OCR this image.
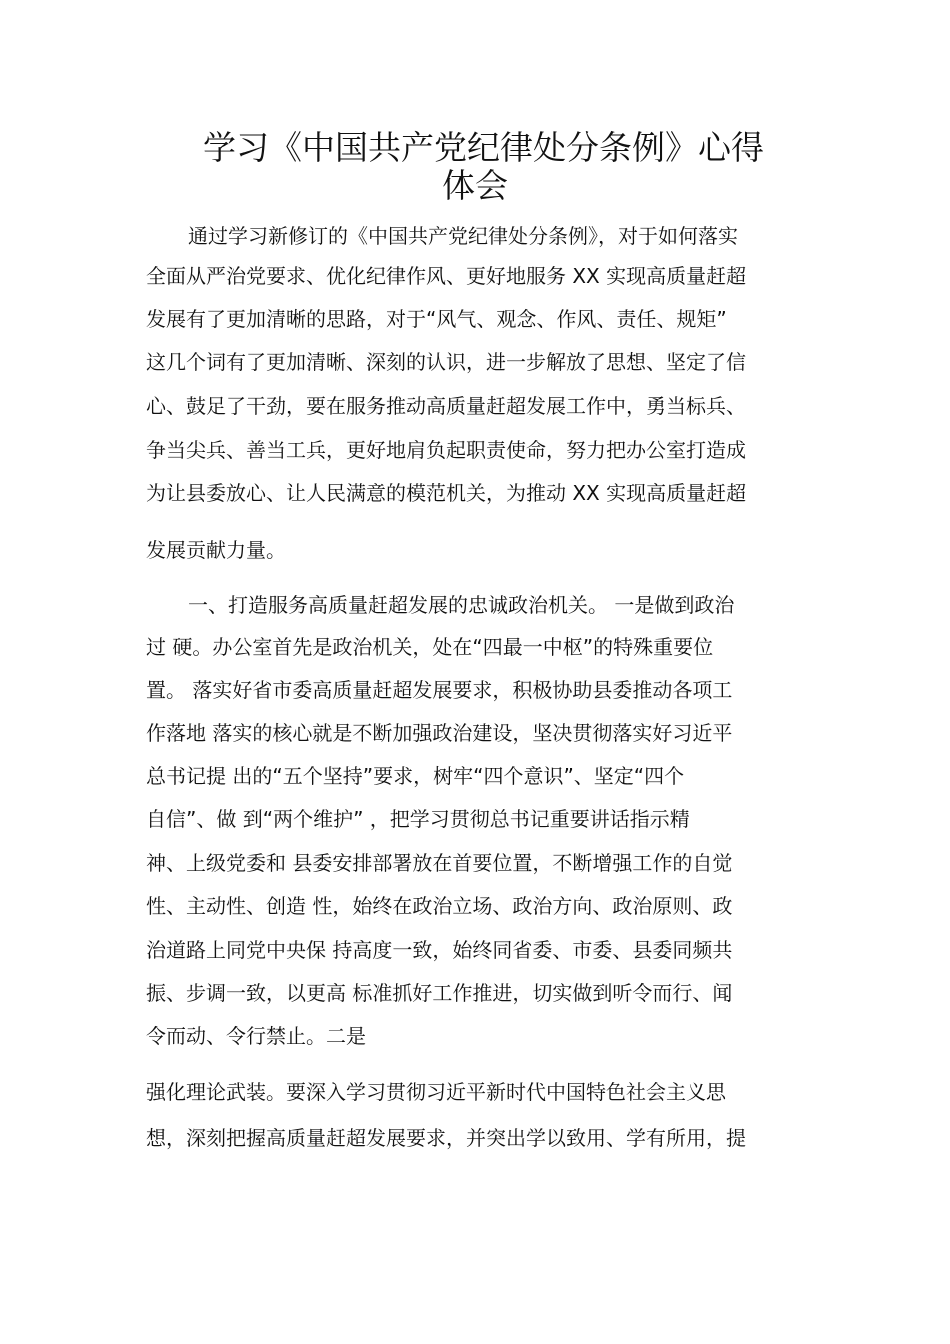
学习《中国共产党纪律处分条例》心得
体会
通过学习新修订的《中国共产党纪律处分条例》，对于如何落实
全面从严治党要求、优化纪律作风、更好地服务 XX 实现高质量赶超
发展有了更加清晰的思路，对于“风气、观念、作风、责任、规矩”
这几个词有了更加清晰、深刻的认识，进一步解放了思想、坚定了信
心、鼓足了干劲，要在服务推动高质量赶超发展工作中，勇当标兵、
争当尖兵、善当工兵，更好地肩负起职责使命，努力把办公室打造成
为让县委放心、让人民满意的模范机关，为推动 XX 实现高质量赶超
发展贡献力量。
一、打造服务高质量赶超发展的忠诚政治机关。 一是做到政治
过 硬。办公室首先是政治机关，处在“四最一中枢”的特殊重要位
置。 落实好省市委高质量赶超发展要求，积极协助县委推动各项工
作落地 落实的核心就是不断加强政治建设，坚决贯彻落实好习近平
总书记提 出的“五个坚持”要求，树牢“四个意识”、坚定“四个
自信”、做 到“两个维护” ，把学习贯彻总书记重要讲话指示精
神、上级党委和 县委安排部署放在首要位置，不断增强工作的自觉
性、主动性、创造 性，始终在政治立场、政治方向、政治原则、政
治道路上同党中央保 持高度一致，始终同省委、市委、县委同频共
振、步调一致，以更高 标准抓好工作推进，切实做到听令而行、闻
令而动、令行禁止。二是
强化理论武装。要深入学习贯彻习近平新时代中国特色社会主义思
想，深刻把握高质量赶超发展要求，并突出学以致用、学有所用，提
